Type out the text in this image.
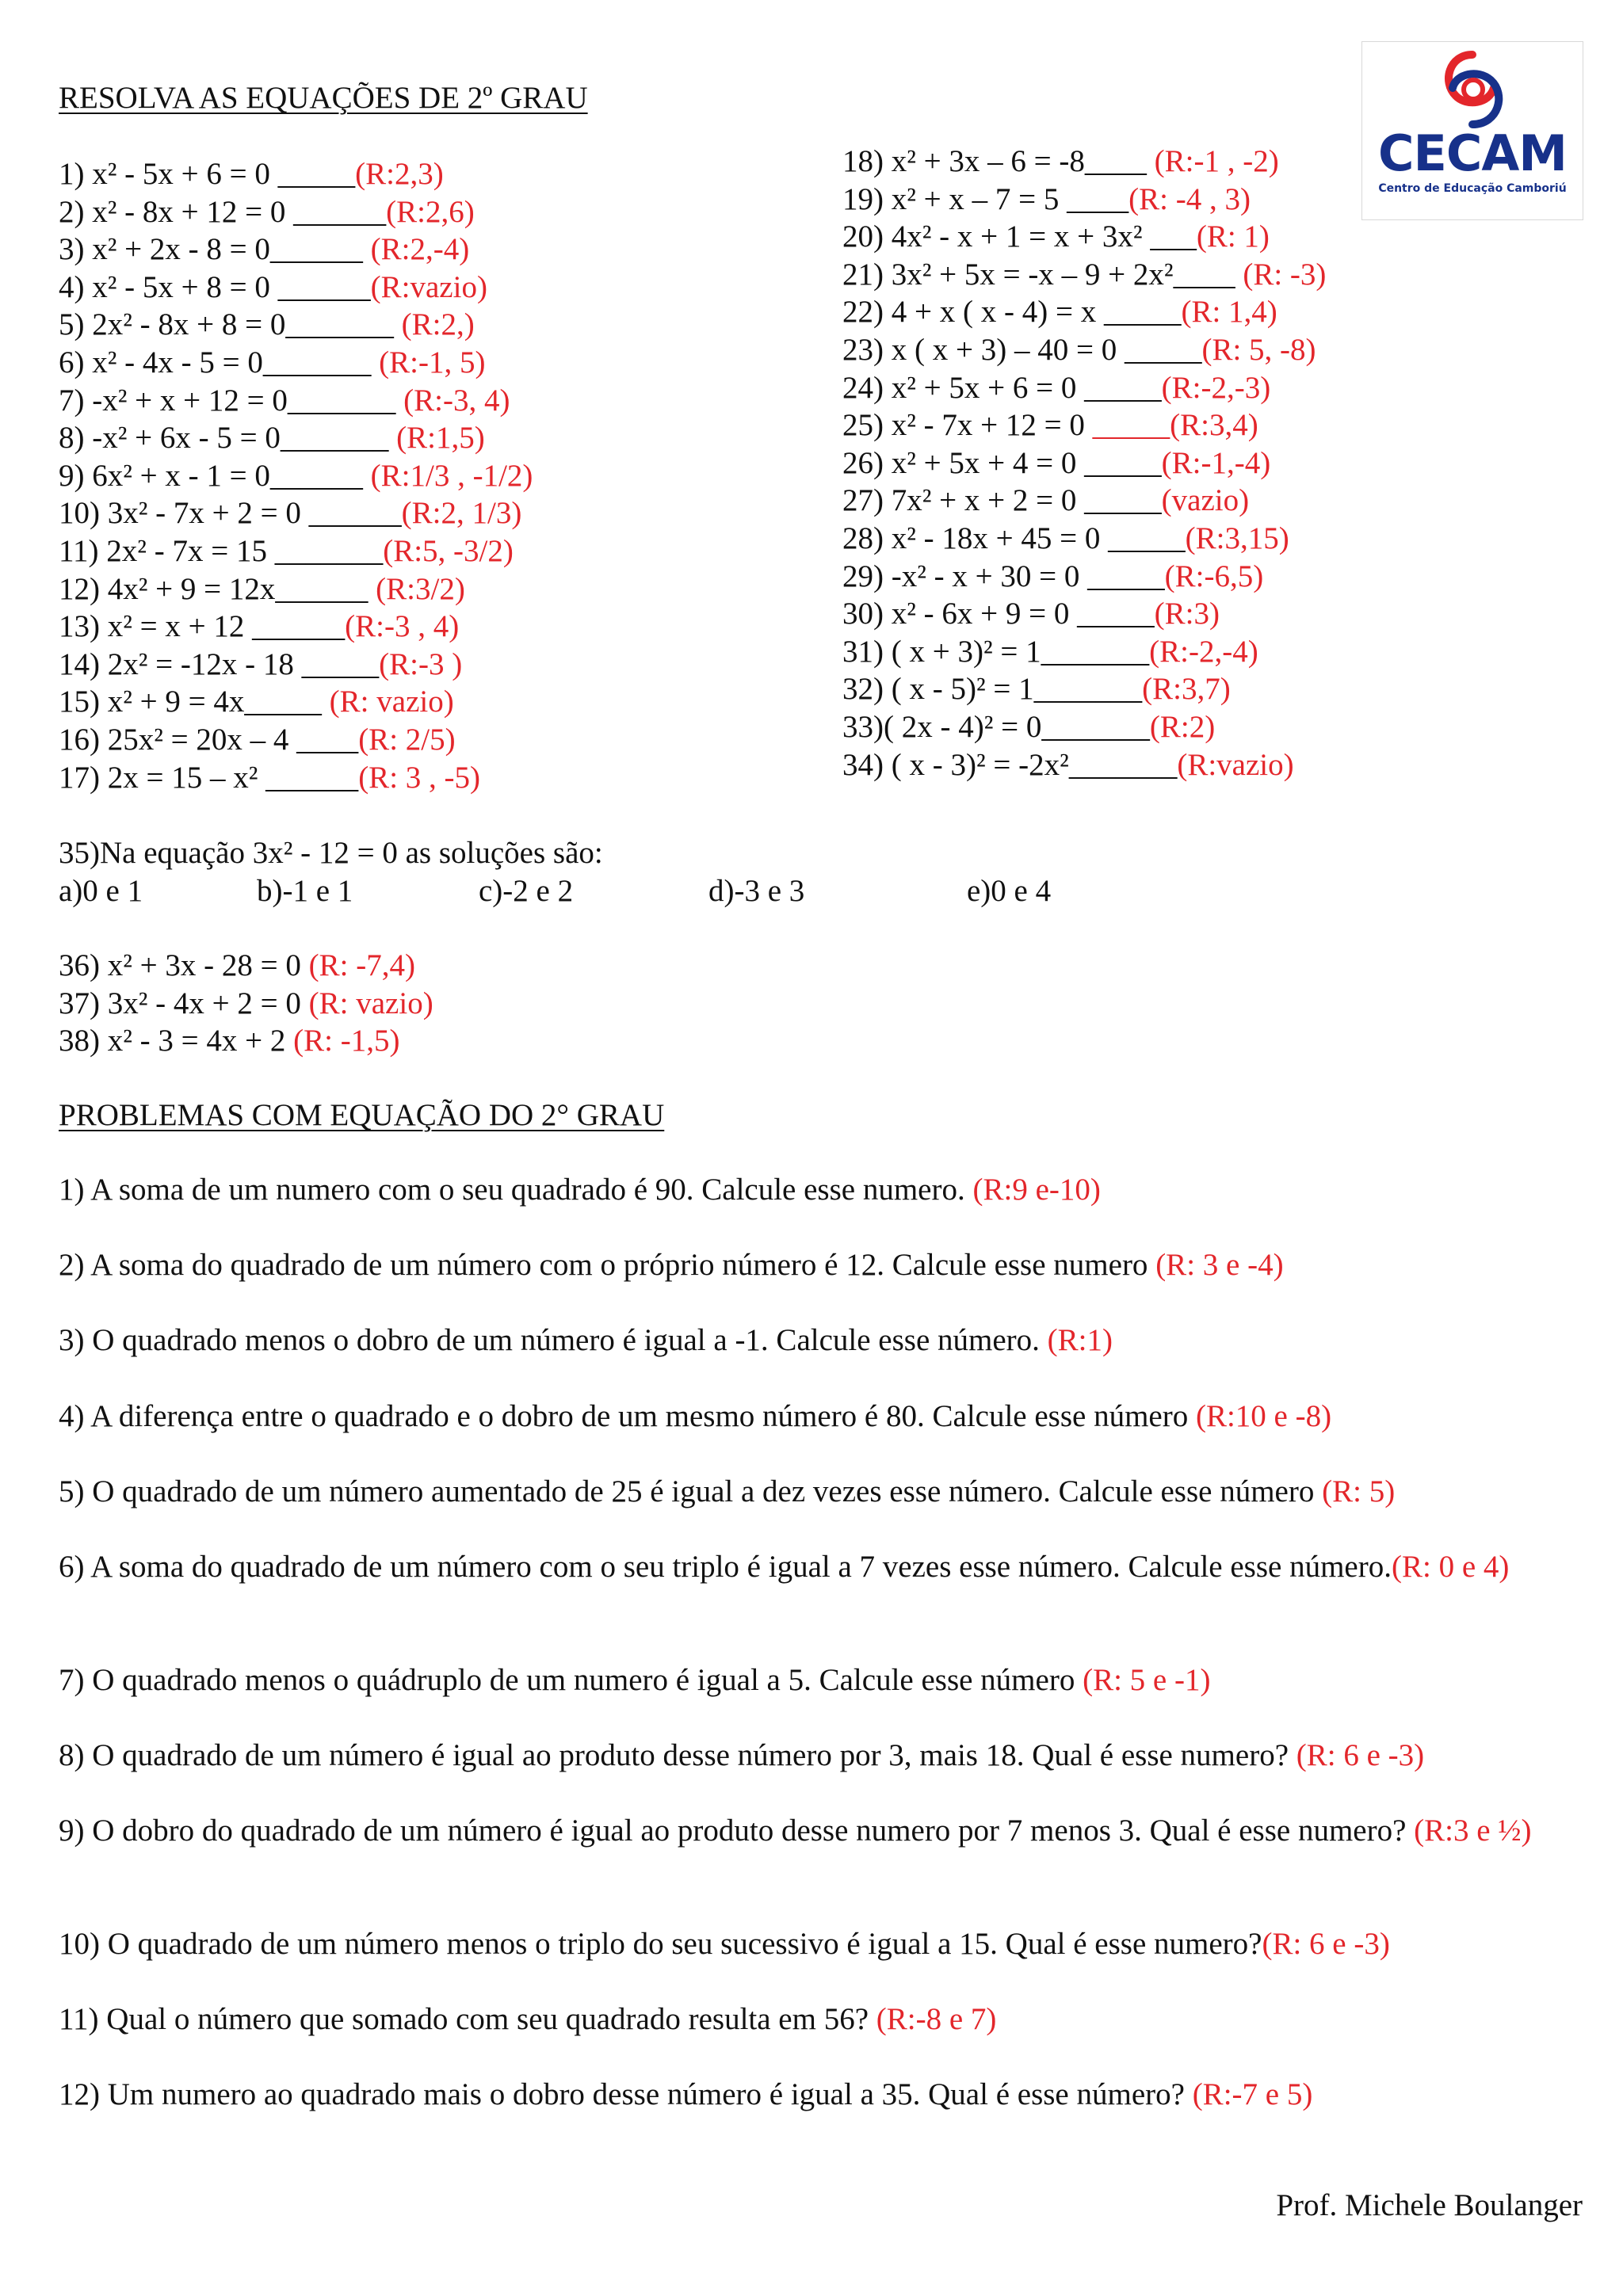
RESOLVA AS EQUAÇÕES DE 2º GRAU
CECAM
Centro de Educação Camboriú
1) x² - 5x + 6 = 0 _____(R:2,3)
2) x² - 8x + 12 = 0 ______(R:2,6)
3) x² + 2x - 8 = 0______ (R:2,-4)
4) x² - 5x + 8 = 0 ______(R:vazio)
5) 2x² - 8x + 8 = 0_______ (R:2,)
6) x² - 4x - 5 = 0_______ (R:-1, 5)
7) -x² + x + 12 = 0_______ (R:-3, 4)
8) -x² + 6x - 5 = 0_______ (R:1,5)
9) 6x² + x - 1 = 0______ (R:1/3 , -1/2)
10) 3x² - 7x + 2 = 0 ______(R:2, 1/3)
11) 2x² - 7x = 15 _______(R:5, -3/2)
12) 4x² + 9 = 12x______ (R:3/2)
13) x² = x + 12 ______(R:-3 , 4)
14) 2x² = -12x - 18 _____(R:-3 )
15) x² + 9 = 4x_____ (R: vazio)
16) 25x² = 20x – 4 ____(R: 2/5)
17) 2x = 15 – x² ______(R: 3 , -5)
18) x² + 3x – 6 = -8____ (R:-1 , -2)
19) x² + x – 7 = 5 ____(R: -4 , 3)
20) 4x² - x + 1 = x + 3x² ___(R: 1)
21) 3x² + 5x = -x – 9 + 2x²____ (R: -3)
22) 4 + x ( x - 4) = x _____(R: 1,4)
23) x ( x + 3) – 40 = 0 _____(R: 5, -8)
24) x² + 5x + 6 = 0 _____(R:-2,-3)
25) x² - 7x + 12 = 0 _____(R:3,4)
26) x² + 5x + 4 = 0 _____(R:-1,-4)
27) 7x² + x + 2 = 0 _____(vazio)
28) x² - 18x + 45 = 0 _____(R:3,15)
29) -x² - x + 30 = 0 _____(R:-6,5)
30) x² - 6x + 9 = 0 _____(R:3)
31) ( x + 3)² = 1_______(R:-2,-4)
32) ( x - 5)² = 1_______(R:3,7)
33)( 2x - 4)² = 0_______(R:2)
34) ( x - 3)² = -2x²_______(R:vazio)
35)Na equação 3x² - 12 = 0 as soluções são:
a)0 e 1	b)-1 e 1	c)-2 e 2	d)-3 e 3	e)0 e 4
36) x² + 3x - 28 = 0 (R: -7,4)
37) 3x² - 4x + 2 = 0 (R: vazio)
38) x² - 3 = 4x + 2 (R: -1,5)
PROBLEMAS COM EQUAÇÃO DO 2° GRAU

1) A soma de um numero com o seu quadrado é 90. Calcule esse numero. (R:9 e-10)

2) A soma do quadrado de um número com o próprio número é 12. Calcule esse numero (R: 3 e -4)

3) O quadrado menos o dobro de um número é igual a -1. Calcule esse número. (R:1)

4) A diferença entre o quadrado e o dobro de um mesmo número é 80. Calcule esse número (R:10 e -8)

5) O quadrado de um número aumentado de 25 é igual a dez vezes esse número. Calcule esse número (R: 5)

6) A soma do quadrado de um número com o seu triplo é igual a 7 vezes esse número. Calcule esse número.(R: 0 e 4)

7) O quadrado menos o quádruplo de um numero é igual a 5. Calcule esse número (R: 5 e -1)

8) O quadrado de um número é igual ao produto desse número por 3, mais 18. Qual é esse numero? (R: 6 e -3)

9) O dobro do quadrado de um número é igual ao produto desse numero por 7 menos 3. Qual é esse numero? (R:3 e ½)

10) O quadrado de um número menos o triplo do seu sucessivo é igual a 15. Qual é esse numero?(R: 6 e -3)

11) Qual o número que somado com seu quadrado resulta em 56? (R:-8 e 7)

12) Um numero ao quadrado mais o dobro desse número é igual a 35. Qual é esse número? (R:-7 e 5)

Prof. Michele Boulanger
